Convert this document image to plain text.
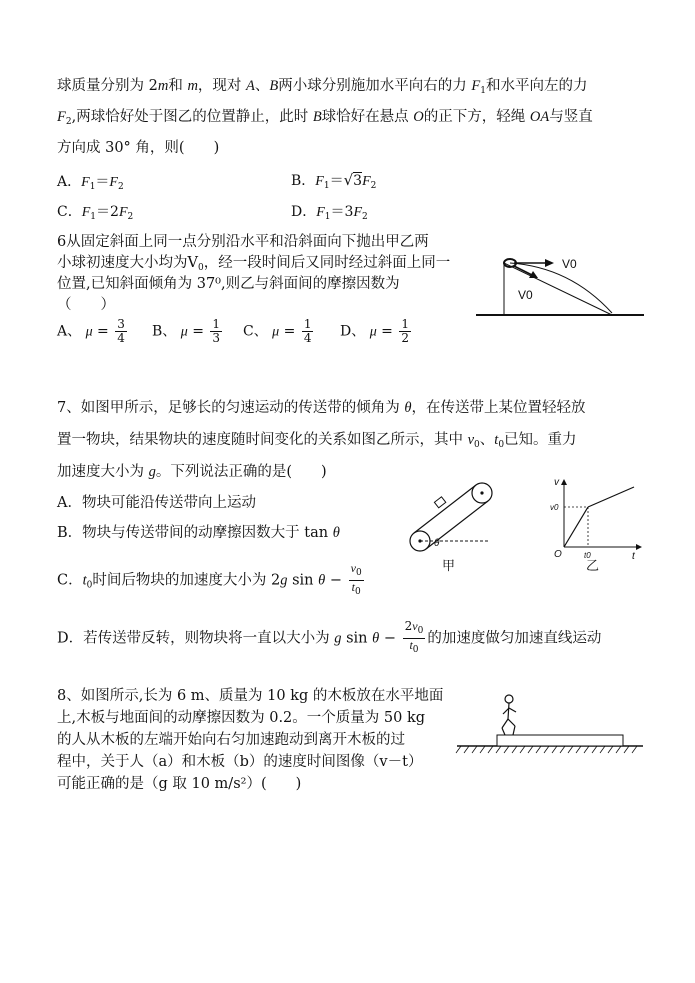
球质量分别为 2m和 m，现对 A、B两小球分别施加水平向右的力 $F_1$和水平向左的力
$F_2$,两球恰好处于图乙的位置静止，此时 B球恰好在悬点 O的正下方，轻绳 OA与竖直
方向成 30° 角，则(　　)
A．$F_1=F_2$	B．$F_1=√3F_2$
C．$F_1=2F_2$	D．$F_1=3F_2$
6从固定斜面上同一点分别沿水平和沿斜面向下抛出甲乙两
小球初速度大小均为$V_0$，经一段时间后又同时经过斜面上同一
位置,已知斜面倾角为 37⁰,则乙与斜面间的摩擦因数为
（　　）
A、 $\mu = \frac{3}{4}$ B、 $\mu = \frac{1}{3}$ C、 $\mu = \frac{1}{4}$ D、 $\mu = \frac{1}{2}$
V0
V0
7、如图甲所示，足够长的匀速运动的传送带的倾角为 θ，在传送带上某位置轻轻放
置一物块，结果物块的速度随时间变化的关系如图乙所示，其中 $v_0$、$t_0$已知。重力
加速度大小为 g。下列说法正确的是(　　)
A．物块可能沿传送带向上运动
B．物块与传送带间的动摩擦因数大于 tan θ
C．$t_0$时间后物块的加速度大小为 2g $\sin \theta - \frac{v_0}{t_0}$
D．若传送带反转，则物块将一直以大小为 g $\sin \theta - \frac{2v_0}{t_0}$ 的加速度做匀加速直线运动
θ
甲
v
t
O
v0
t0
乙
8、如图所示,长为 6 m、质量为 10 kg 的木板放在水平地面
上,木板与地面间的动摩擦因数为 0.2。一个质量为 50 kg
的人从木板的左端开始向右匀加速跑动到离开木板的过
程中，关于人（a）和木板（b）的速度时间图像（v－t）
可能正确的是（g 取 10 m/s²）(　　)
